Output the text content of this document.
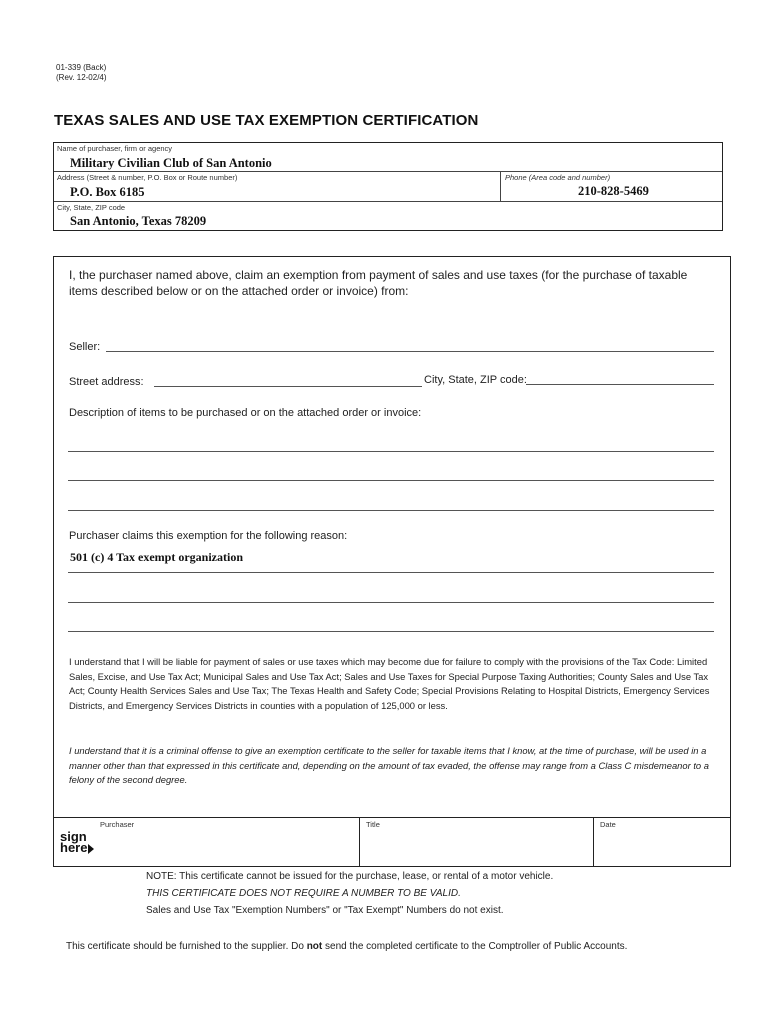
01-339 (Back)
(Rev. 12-02/4)
TEXAS SALES AND USE TAX EXEMPTION CERTIFICATION
Name of purchaser, firm or agency
Military Civilian Club of San Antonio
Address (Street & number, P.O. Box or Route number)
P.O. Box 6185
Phone (Area code and number)
210-828-5469
City, State, ZIP code
San Antonio, Texas 78209
I, the purchaser named above, claim an exemption from payment of sales and use taxes (for the purchase of taxable items described below or on the attached order or invoice) from:
Seller:
Street address:	City, State, ZIP code:
Description of items to be purchased or on the attached order or invoice:
Purchaser claims this exemption for the following reason:
501 (c) 4 Tax exempt organization
I understand that I will be liable for payment of sales or use taxes which may become due for failure to comply with the provisions of the Tax Code: Limited Sales, Excise, and Use Tax Act; Municipal Sales and Use Tax Act; Sales and Use Taxes for Special Purpose Taxing Authorities; County Sales and Use Tax Act; County Health Services Sales and Use Tax; The Texas Health and Safety Code; Special Provisions Relating to Hospital Districts, Emergency Services Districts, and Emergency Services Districts in counties with a population of 125,000 or less.
I understand that it is a criminal offense to give an exemption certificate to the seller for taxable items that I know, at the time of purchase, will be used in a manner other than that expressed in this certificate and, depending on the amount of tax evaded, the offense may range from a Class C misdemeanor to a felony of the second degree.
sign
here
Purchaser	Title	Date
NOTE: This certificate cannot be issued for the purchase, lease, or rental of a motor vehicle.
THIS CERTIFICATE DOES NOT REQUIRE A NUMBER TO BE VALID.
Sales and Use Tax "Exemption Numbers" or "Tax Exempt" Numbers do not exist.
This certificate should be furnished to the supplier. Do not send the completed certificate to the Comptroller of Public Accounts.
